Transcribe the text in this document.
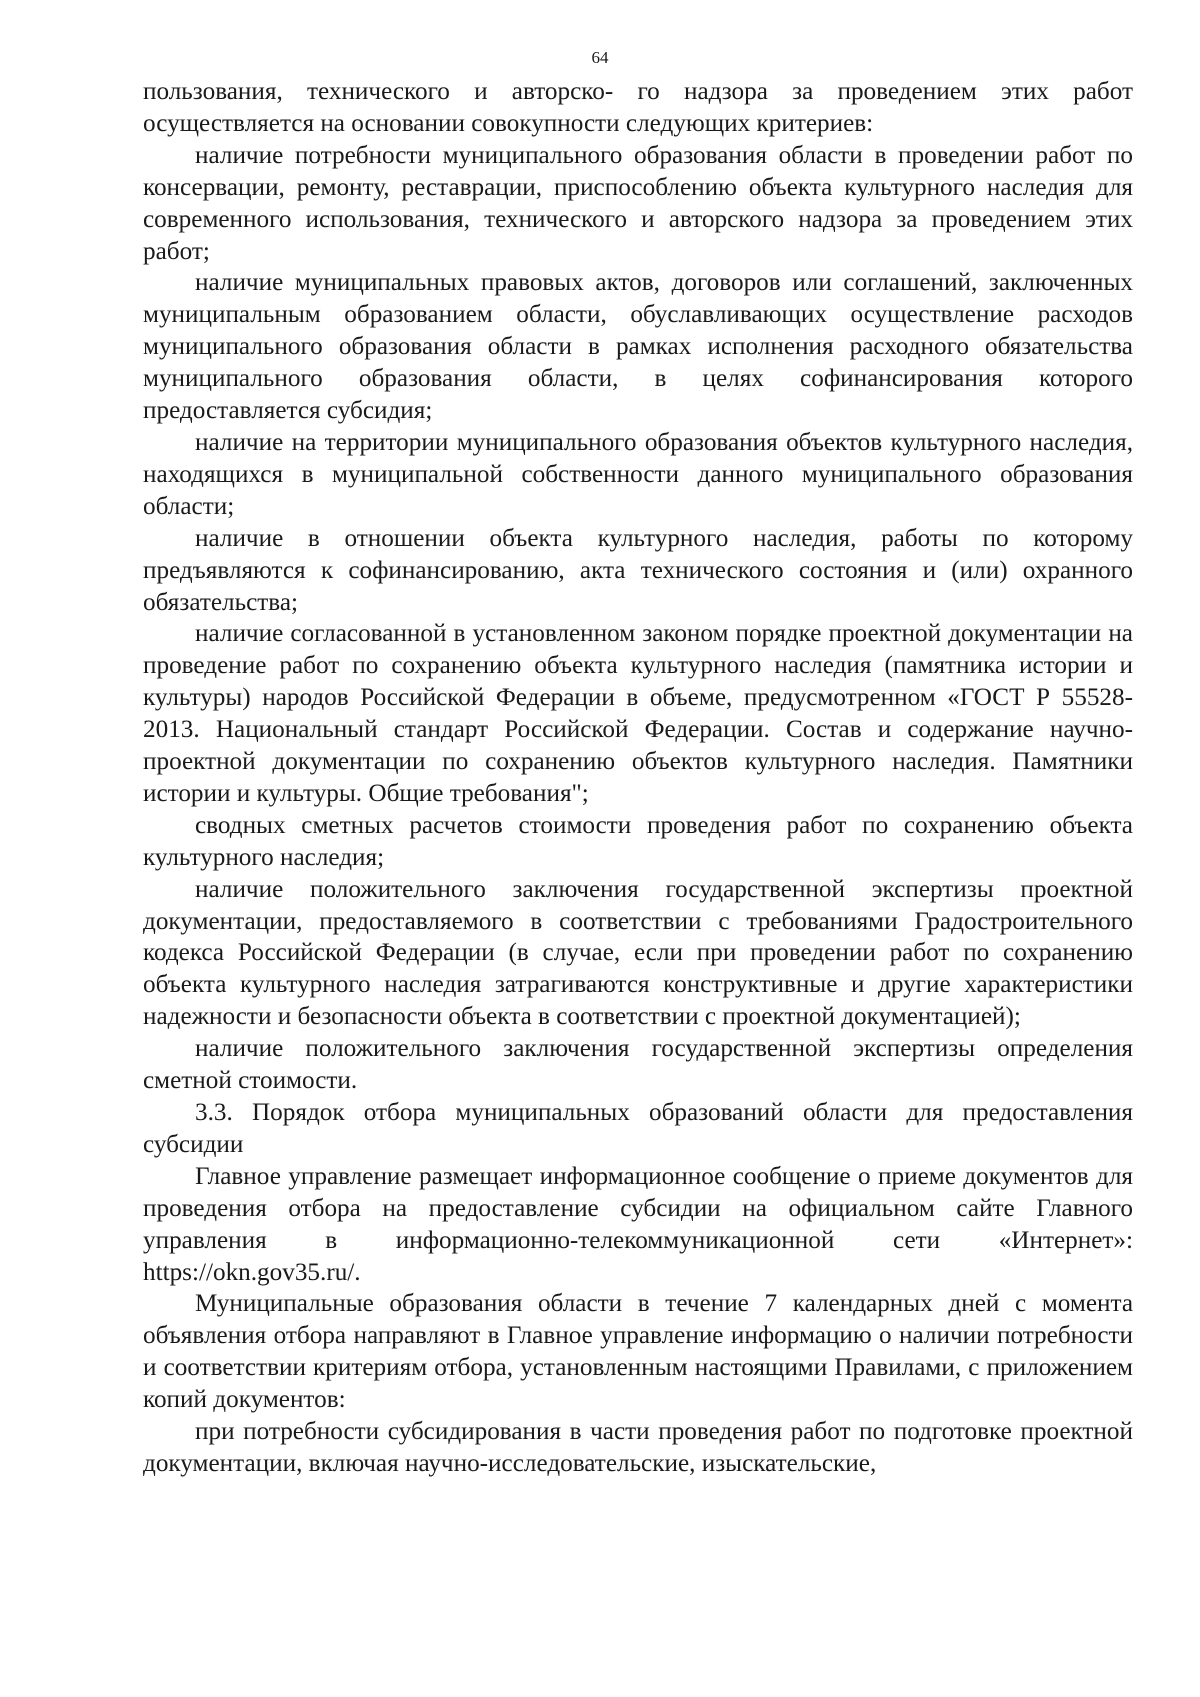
64

пользования, технического и авторско- го надзора за проведением этих работ осуществляется на основании совокупности следующих критериев:

наличие потребности муниципального образования области в проведении работ по консервации, ремонту, реставрации, приспособлению объекта культурного наследия для современного использования, технического и авторского надзора за проведением этих работ;

наличие муниципальных правовых актов, договоров или соглашений, заключенных муниципальным образованием области, обуславливающих осуществление расходов муниципального образования области в рамках исполнения расходного обязательства муниципального образования области, в целях софинансирования которого предоставляется субсидия;

наличие на территории муниципального образования объектов культурного наследия, находящихся в муниципальной собственности данного муниципального образования области;

наличие в отношении объекта культурного наследия, работы по которому предъявляются к софинансированию, акта технического состояния и (или) охранного обязательства;

наличие согласованной в установленном законом порядке проектной документации на проведение работ по сохранению объекта культурного наследия (памятника истории и культуры) народов Российской Федерации в объеме, предусмотренном «ГОСТ Р 55528-2013. Национальный стандарт Российской Федерации. Состав и содержание научно-проектной документации по сохранению объектов культурного наследия. Памятники истории и культуры. Общие требования";

сводных сметных расчетов стоимости проведения работ по сохранению объекта культурного наследия;

наличие положительного заключения государственной экспертизы проектной документации, предоставляемого в соответствии с требованиями Градостроительного кодекса Российской Федерации (в случае, если при проведении работ по сохранению объекта культурного наследия затрагиваются конструктивные и другие характеристики надежности и безопасности объекта в соответствии с проектной документацией);

наличие положительного заключения государственной экспертизы определения сметной стоимости.

3.3. Порядок отбора муниципальных образований области для предоставления субсидии

Главное управление размещает информационное сообщение о приеме документов для проведения отбора на предоставление субсидии на официальном сайте Главного управления в информационно-телекоммуникационной сети «Интернет»: https://okn.gov35.ru/.

Муниципальные образования области в течение 7 календарных дней с момента объявления отбора направляют в Главное управление информацию о наличии потребности и соответствии критериям отбора, установленным настоящими Правилами, с приложением копий документов:

при потребности субсидирования в части проведения работ по подготовке проектной документации, включая научно-исследовательские, изыскательские,
